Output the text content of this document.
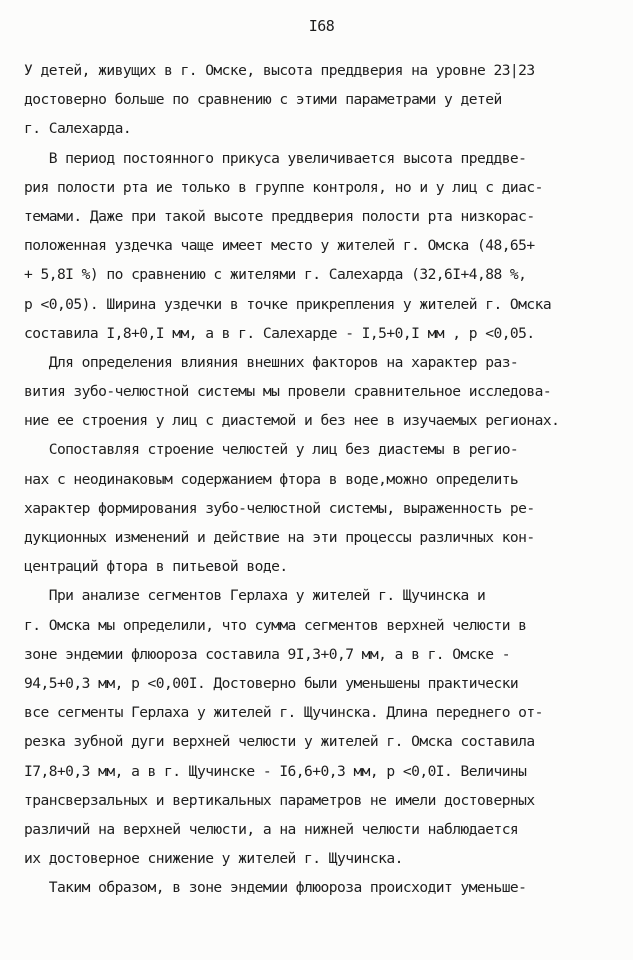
I68
У детей, живущих в г. Омске, высота преддверия на уровне 23|23
достоверно больше по сравнению с этими параметрами у детей
г. Салехарда.
В период постоянного прикуса увеличивается высота преддве-
рия полости рта ие только в группе контроля, но и у лиц с диас-
темами. Даже при такой высоте преддверия полости рта низкорас-
положенная уздечка чаще имеет место у жителей г. Омска (48,65+
+ 5,8I %) по сравнению с жителями г. Салехарда (32,6I+4,88 %,
р <0,05). Ширина уздечки в точке прикрепления у жителей г. Омска
составила I,8+0,I мм, а в г. Салехарде - I,5+0,I мм , р <0,05.
Для определения влияния внешних факторов на характер раз-
вития зубо-челюстной системы мы провели сравнительное исследова-
ние ее строения у лиц с диастемой и без нее в изучаемых регионах.
Сопоставляя строение челюстей у лиц без диастемы в регио-
нах с неодинаковым содержанием фтора в воде,можно определить
характер формирования зубо-челюстной системы, выраженность ре-
дукционных изменений и действие на эти процессы различных кон-
центраций фтора в питьевой воде.
При анализе сегментов Герлаха у жителей г. Щучинска и
г. Омска мы определили, что сумма сегментов верхней челюсти в
зоне эндемии флюороза составила 9I,3+0,7 мм, а в г. Омске -
94,5+0,3 мм, р <0,00I. Достоверно были уменьшены практически
все сегменты Герлаха у жителей г. Щучинска. Длина переднего от-
резка зубной дуги верхней челюсти у жителей г. Омска составила
I7,8+0,3 мм, а в г. Щучинске - I6,6+0,3 мм, р <0,0I. Величины
трансверзальных и вертикальных параметров не имели достоверных
различий на верхней челюсти, а на нижней челюсти наблюдается
их достоверное снижение у жителей г. Щучинска.
Таким образом, в зоне эндемии флюороза происходит уменьше-
